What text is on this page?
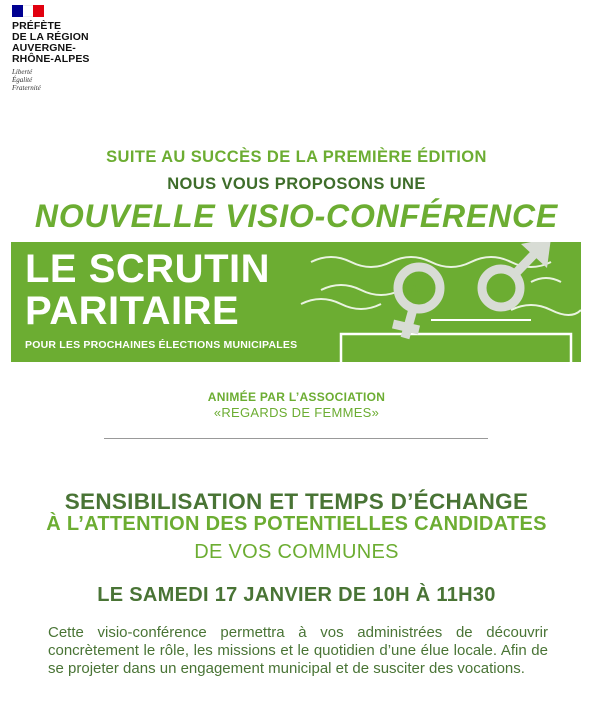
PRÉFÈTE
DE LA RÉGION
AUVERGNE-
RHÔNE-ALPES
Liberté
Égalité
Fraternité
SUITE AU SUCCÈS DE LA PREMIÈRE ÉDITION
NOUS VOUS PROPOSONS UNE
NOUVELLE VISIO-CONFÉRENCE
$
LE SCRUTIN
PARITAIRE
POUR LES PROCHAINES ÉLECTIONS MUNICIPALES
ANIMÉE PAR L’ASSOCIATION
«REGARDS DE FEMMES»
SENSIBILISATION ET TEMPS D’ÉCHANGE
À L’ATTENTION DES POTENTIELLES CANDIDATES
DE VOS COMMUNES
LE SAMEDI 17 JANVIER DE 10H À 11H30
Cette visio-conférence permettra à vos administrées de découvrir concrètement le rôle, les missions et le quotidien d’une élue locale. Afin de se projeter dans un engagement municipal et de susciter des vocations.
